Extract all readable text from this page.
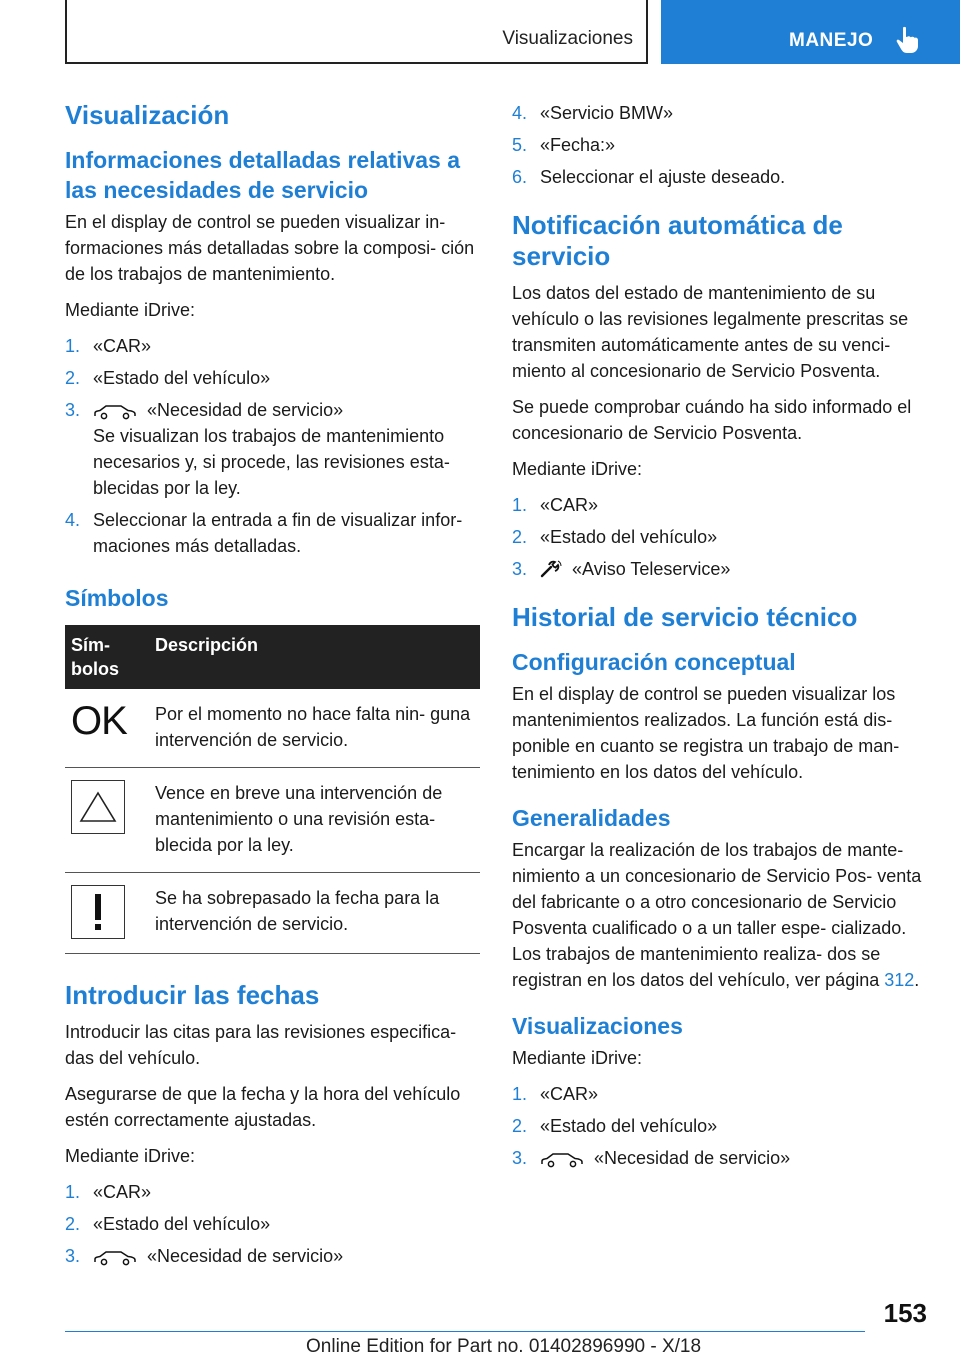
Visualizaciones	MANEJO
Visualización
Informaciones detalladas relativas a las necesidades de servicio

En el display de control se pueden visualizar in- formaciones más detalladas sobre la composi- ción de los trabajos de mantenimiento.

Mediante iDrive:

1. «CAR»
2. «Estado del vehículo»
3.	«Necesidad de servicio»
Se visualizan los trabajos de mantenimiento necesarios y, si procede, las revisiones esta- blecidas por la ley.
4. Seleccionar la entrada a fin de visualizar infor- maciones más detalladas.
Símbolos
Sím- bolos	Descripción
OK	Por el momento no hace falta nin- guna intervención de servicio.

	Vence en breve una intervención de mantenimiento o una revisión esta- blecida por la ley.

	Se ha sobrepasado la fecha para la intervención de servicio.
Introducir las fechas

Introducir las citas para las revisiones especifica- das del vehículo.

Asegurarse de que la fecha y la hora del vehículo estén correctamente ajustadas.

Mediante iDrive:

1. «CAR»
2. «Estado del vehículo»
3.	«Necesidad de servicio»
4. «Servicio BMW»
5. «Fecha:»
6. Seleccionar el ajuste deseado.
Notificación automática de servicio

Los datos del estado de mantenimiento de su vehículo o las revisiones legalmente prescritas se transmiten automáticamente antes de su venci- miento al concesionario de Servicio Posventa.

Se puede comprobar cuándo ha sido informado el concesionario de Servicio Posventa.

Mediante iDrive:

1. «CAR»
2. «Estado del vehículo»
3.	«Aviso Teleservice»
Historial de servicio técnico
Configuración conceptual

En el display de control se pueden visualizar los mantenimientos realizados. La función está dis- ponible en cuanto se registra un trabajo de man- tenimiento en los datos del vehículo.

Generalidades

Encargar la realización de los trabajos de mante- nimiento a un concesionario de Servicio Pos- venta del fabricante o a otro concesionario de Servicio Posventa cualificado o a un taller espe- cializado. Los trabajos de mantenimiento realiza- dos se registran en los datos del vehículo, ver página 312.

Visualizaciones

Mediante iDrive:

1. «CAR»
2. «Estado del vehículo»
3.	«Necesidad de servicio»
153
Online Edition for Part no. 01402896990 - X/18
